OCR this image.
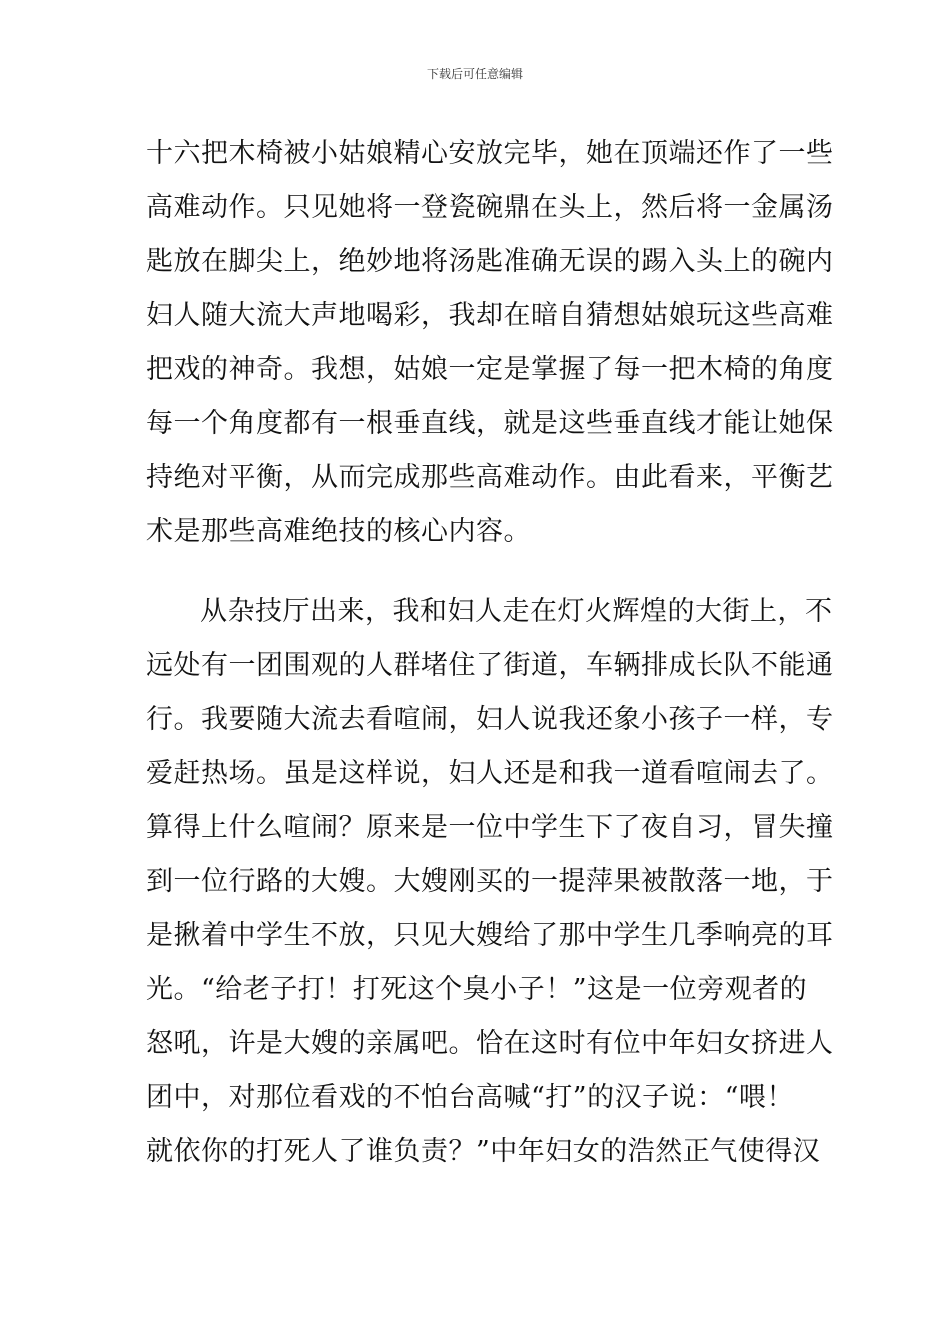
下载后可任意编辑
十六把木椅被小姑娘精心安放完毕，她在顶端还作了一些
高难动作。只见她将一登瓷碗鼎在头上，然后将一金属汤
匙放在脚尖上，绝妙地将汤匙准确无误的踢入头上的碗内
妇人随大流大声地喝彩，我却在暗自猜想姑娘玩这些高难
把戏的神奇。我想，姑娘一定是掌握了每一把木椅的角度
每一个角度都有一根垂直线，就是这些垂直线才能让她保
持绝对平衡，从而完成那些高难动作。由此看来，平衡艺
术是那些高难绝技的核心内容。
从杂技厅出来，我和妇人走在灯火辉煌的大街上，不
远处有一团围观的人群堵住了街道，车辆排成长队不能通
行。我要随大流去看喧闹，妇人说我还象小孩子一样，专
爱赶热场。虽是这样说，妇人还是和我一道看喧闹去了。
算得上什么喧闹？原来是一位中学生下了夜自习，冒失撞
到一位行路的大嫂。大嫂刚买的一提萍果被散落一地，于
是揪着中学生不放，只见大嫂给了那中学生几季响亮的耳
光。“给老子打！打死这个臭小子！”这是一位旁观者的
怒吼，许是大嫂的亲属吧。恰在这时有位中年妇女挤进人
团中，对那位看戏的不怕台高喊“打”的汉子说：“喂！
就依你的打死人了谁负责？”中年妇女的浩然正气使得汉
